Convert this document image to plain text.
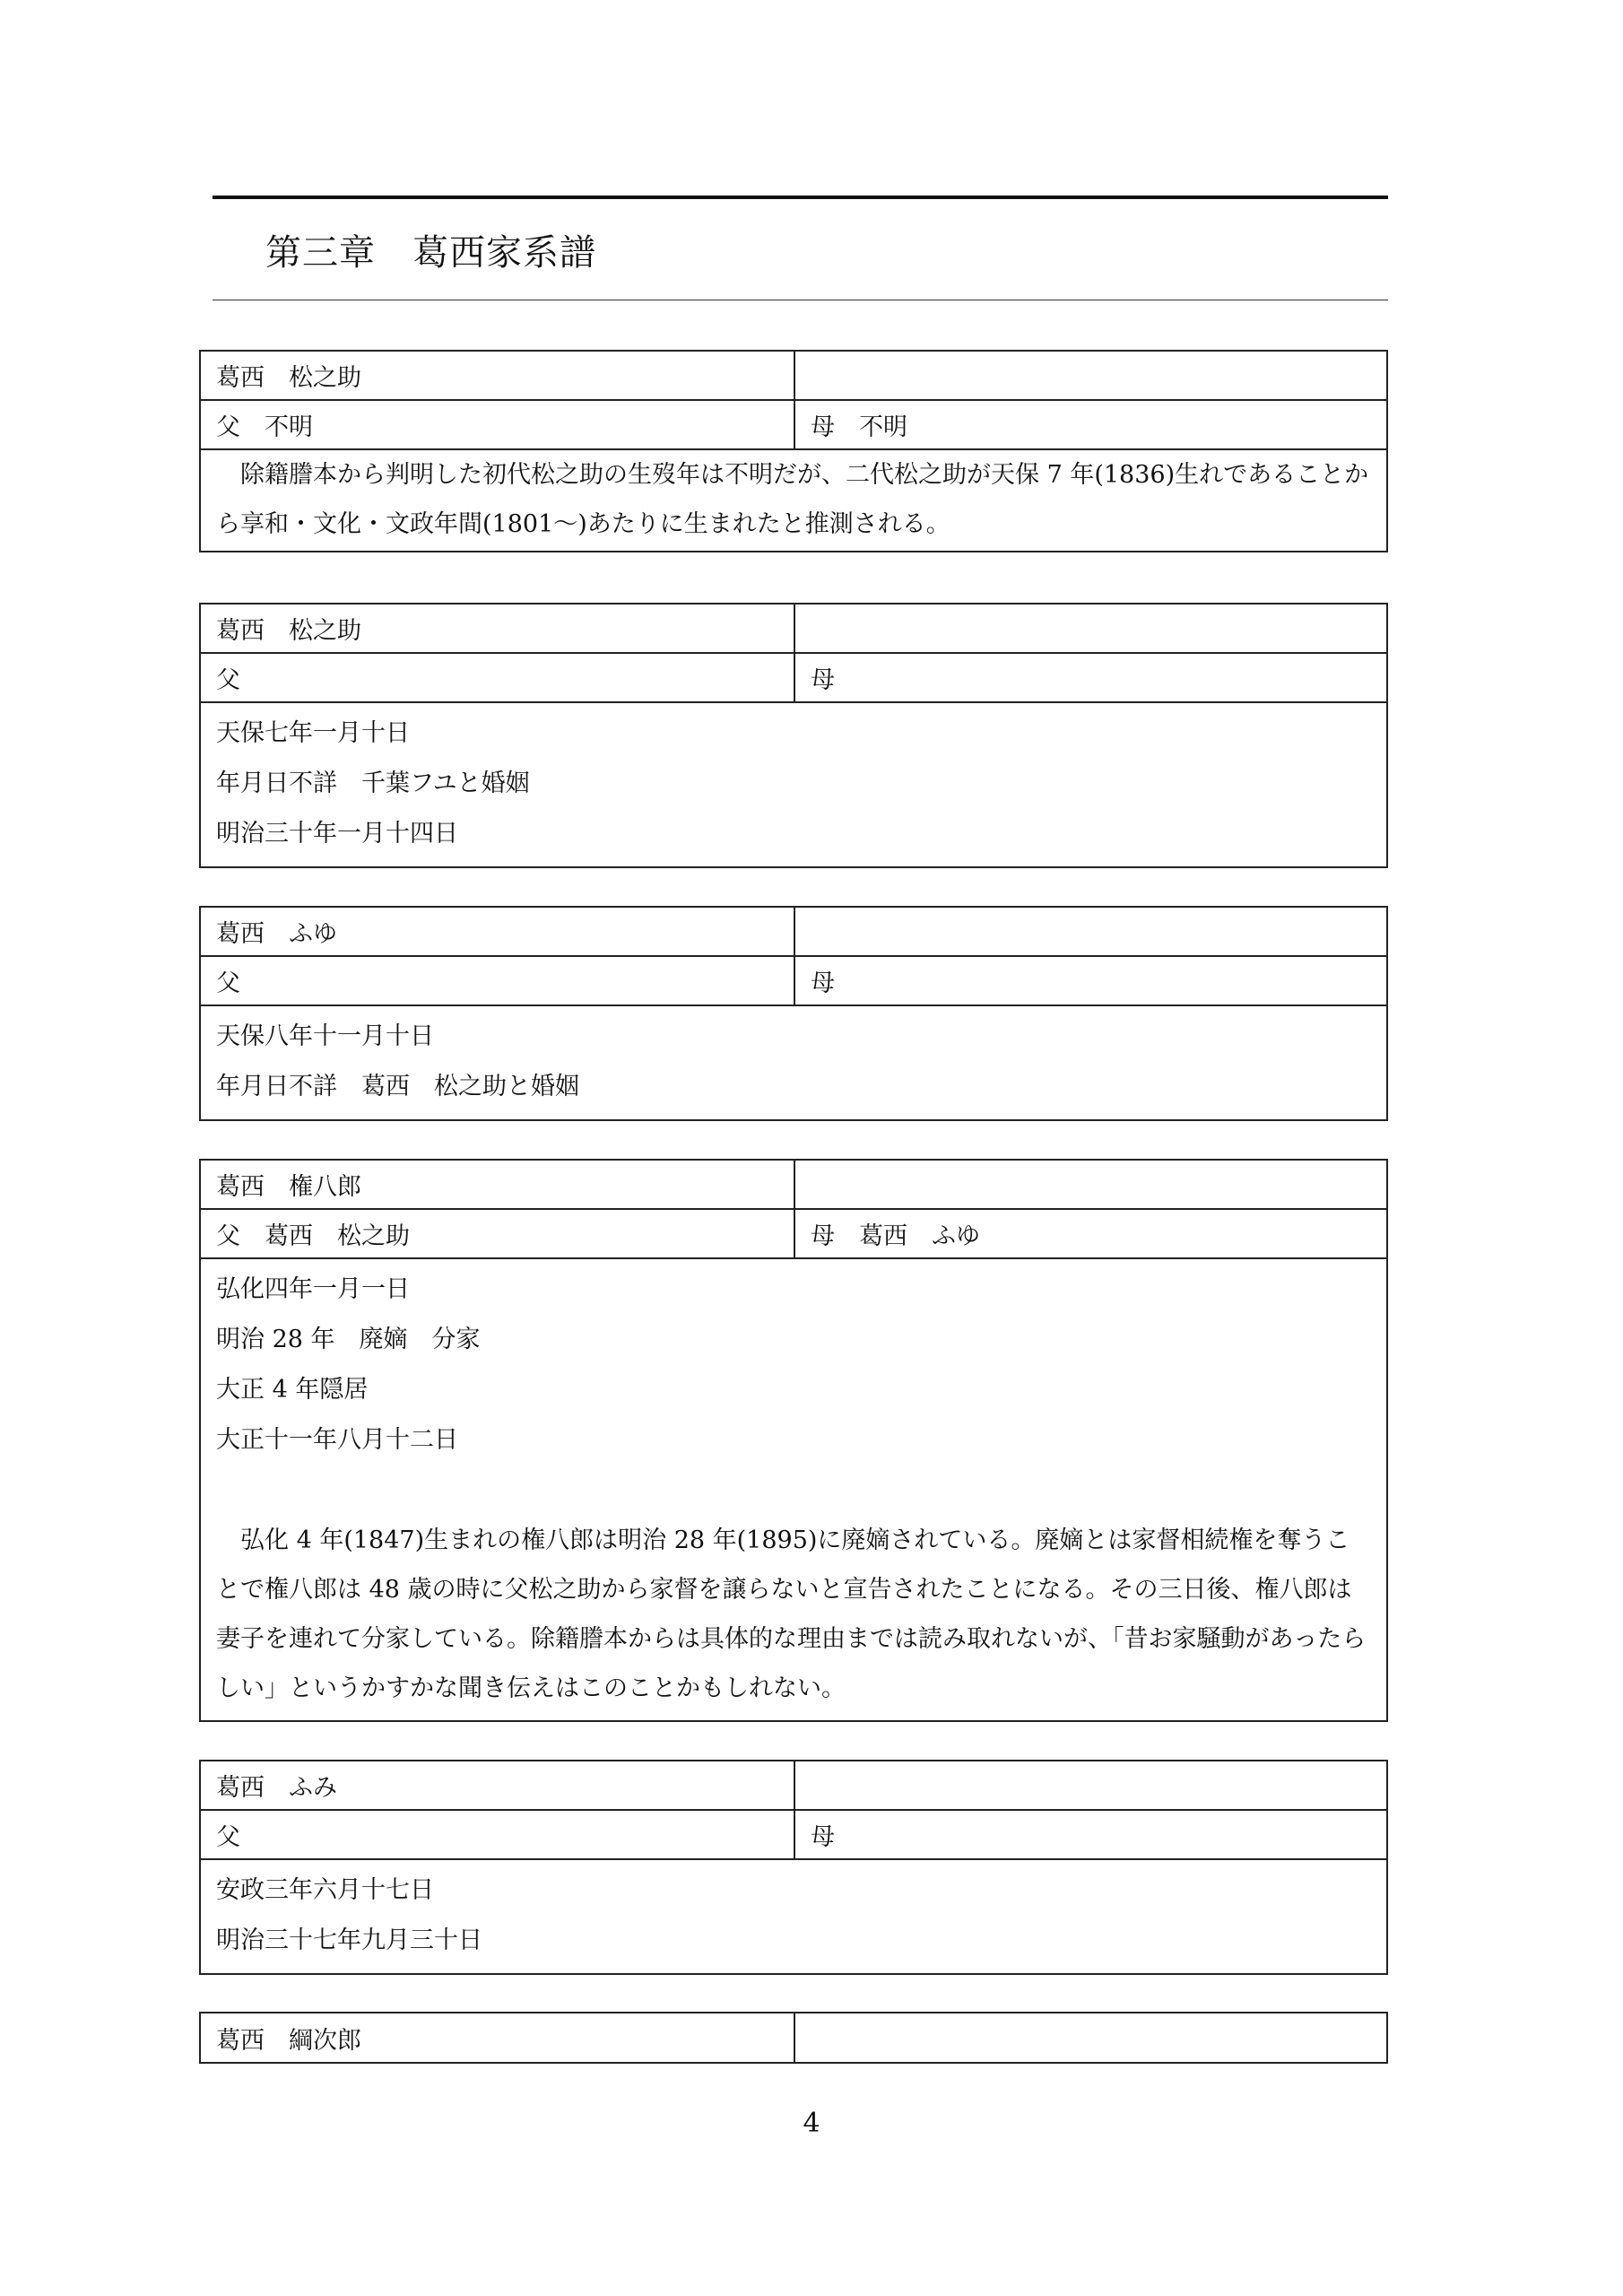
第三章　葛西家系譜
葛西　松之助
父　不明	母　不明
除籍謄本から判明した初代松之助の生歿年は不明だが、二代松之助が天保 7 年(1836)生れであることから享和・文化・文政年間(1801〜)あたりに生まれたと推測される。
葛西　松之助
父	母
天保七年一月十日
年月日不詳　千葉フユと婚姻
明治三十年一月十四日
葛西　ふゆ
父	母
天保八年十一月十日
年月日不詳　葛西　松之助と婚姻
葛西　権八郎
父　葛西　松之助	母　葛西　ふゆ
弘化四年一月一日
明治 28 年　廃嫡　分家
大正 4 年隠居
大正十一年八月十二日
弘化 4 年(1847)生まれの権八郎は明治 28 年(1895)に廃嫡されている。廃嫡とは家督相続権を奪うことで権八郎は 48 歳の時に父松之助から家督を譲らないと宣告されたことになる。その三日後、権八郎は妻子を連れて分家している。除籍謄本からは具体的な理由までは読み取れないが、「昔お家騒動があったらしい」というかすかな聞き伝えはこのことかもしれない。
葛西　ふみ
父	母
安政三年六月十七日
明治三十七年九月三十日
葛西　綱次郎
4
